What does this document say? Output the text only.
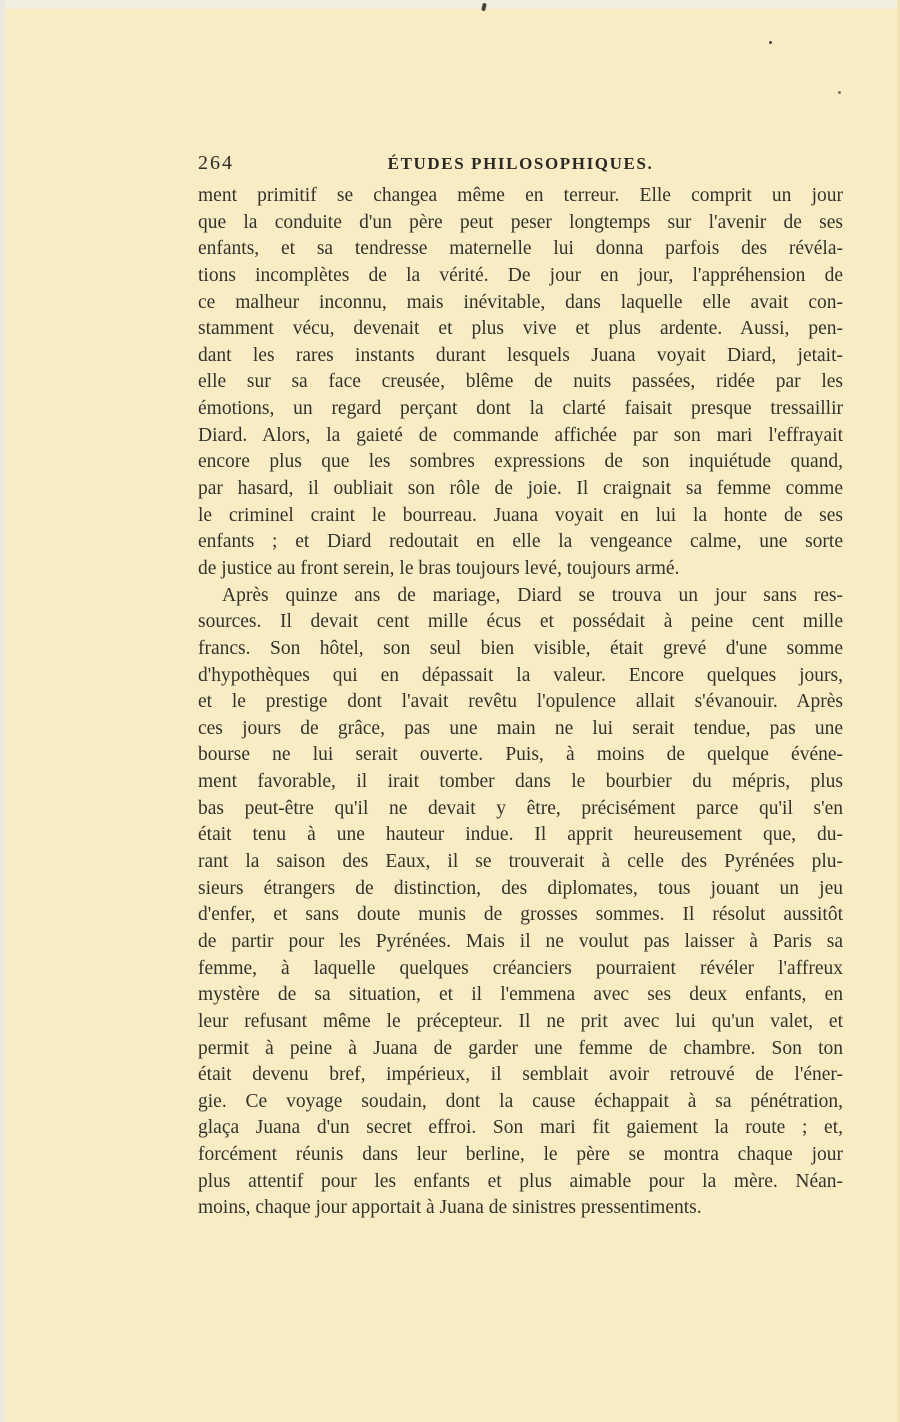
264	ÉTUDES PHILOSOPHIQUES.
ment primitif se changea même en terreur. Elle comprit un jour
que la conduite d'un père peut peser longtemps sur l'avenir de ses
enfants, et sa tendresse maternelle lui donna parfois des révéla-
tions incomplètes de la vérité. De jour en jour, l'appréhension de
ce malheur inconnu, mais inévitable, dans laquelle elle avait con-
stamment vécu, devenait et plus vive et plus ardente. Aussi, pen-
dant les rares instants durant lesquels Juana voyait Diard, jetait-
elle sur sa face creusée, blême de nuits passées, ridée par les
émotions, un regard perçant dont la clarté faisait presque tressaillir
Diard. Alors, la gaieté de commande affichée par son mari l'effrayait
encore plus que les sombres expressions de son inquiétude quand,
par hasard, il oubliait son rôle de joie. Il craignait sa femme comme
le criminel craint le bourreau. Juana voyait en lui la honte de ses
enfants ; et Diard redoutait en elle la vengeance calme, une sorte
de justice au front serein, le bras toujours levé, toujours armé.
Après quinze ans de mariage, Diard se trouva un jour sans res-
sources. Il devait cent mille écus et possédait à peine cent mille
francs. Son hôtel, son seul bien visible, était grevé d'une somme
d'hypothèques qui en dépassait la valeur. Encore quelques jours,
et le prestige dont l'avait revêtu l'opulence allait s'évanouir. Après
ces jours de grâce, pas une main ne lui serait tendue, pas une
bourse ne lui serait ouverte. Puis, à moins de quelque événe-
ment favorable, il irait tomber dans le bourbier du mépris, plus
bas peut-être qu'il ne devait y être, précisément parce qu'il s'en
était tenu à une hauteur indue. Il apprit heureusement que, du-
rant la saison des Eaux, il se trouverait à celle des Pyrénées plu-
sieurs étrangers de distinction, des diplomates, tous jouant un jeu
d'enfer, et sans doute munis de grosses sommes. Il résolut aussitôt
de partir pour les Pyrénées. Mais il ne voulut pas laisser à Paris sa
femme, à laquelle quelques créanciers pourraient révéler l'affreux
mystère de sa situation, et il l'emmena avec ses deux enfants, en
leur refusant même le précepteur. Il ne prit avec lui qu'un valet, et
permit à peine à Juana de garder une femme de chambre. Son ton
était devenu bref, impérieux, il semblait avoir retrouvé de l'éner-
gie. Ce voyage soudain, dont la cause échappait à sa pénétration,
glaça Juana d'un secret effroi. Son mari fit gaiement la route ; et,
forcément réunis dans leur berline, le père se montra chaque jour
plus attentif pour les enfants et plus aimable pour la mère. Néan-
moins, chaque jour apportait à Juana de sinistres pressentiments.
